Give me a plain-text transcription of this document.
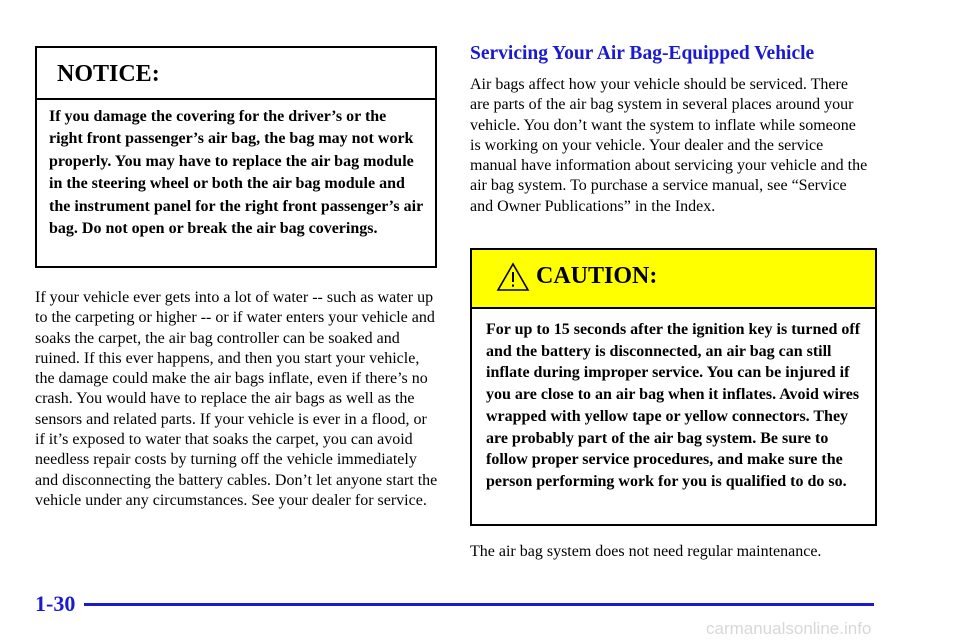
NOTICE:
If you damage the covering for the driver’s or the right front passenger’s air bag, the bag may not work properly. You may have to replace the air bag module in the steering wheel or both the air bag module and the instrument panel for the right front passenger’s air bag. Do not open or break the air bag coverings.
If your vehicle ever gets into a lot of water -- such as water up to the carpeting or higher -- or if water enters your vehicle and soaks the carpet, the air bag controller can be soaked and ruined. If this ever happens, and then you start your vehicle, the damage could make the air bags inflate, even if there’s no crash. You would have to replace the air bags as well as the sensors and related parts. If your vehicle is ever in a flood, or if it’s exposed to water that soaks the carpet, you can avoid needless repair costs by turning off the vehicle immediately and disconnecting the battery cables. Don’t let anyone start the vehicle under any circumstances. See your dealer for service.
Servicing Your Air Bag-Equipped Vehicle
Air bags affect how your vehicle should be serviced. There are parts of the air bag system in several places around your vehicle. You don’t want the system to inflate while someone is working on your vehicle. Your dealer and the service manual have information about servicing your vehicle and the air bag system. To purchase a service manual, see “Service and Owner Publications” in the Index.
CAUTION:
For up to 15 seconds after the ignition key is turned off and the battery is disconnected, an air bag can still inflate during improper service. You can be injured if you are close to an air bag when it inflates. Avoid wires wrapped with yellow tape or yellow connectors. They are probably part of the air bag system. Be sure to follow proper service procedures, and make sure the person performing work for you is qualified to do so.
The air bag system does not need regular maintenance.
1-30
carmanualsonline.info
